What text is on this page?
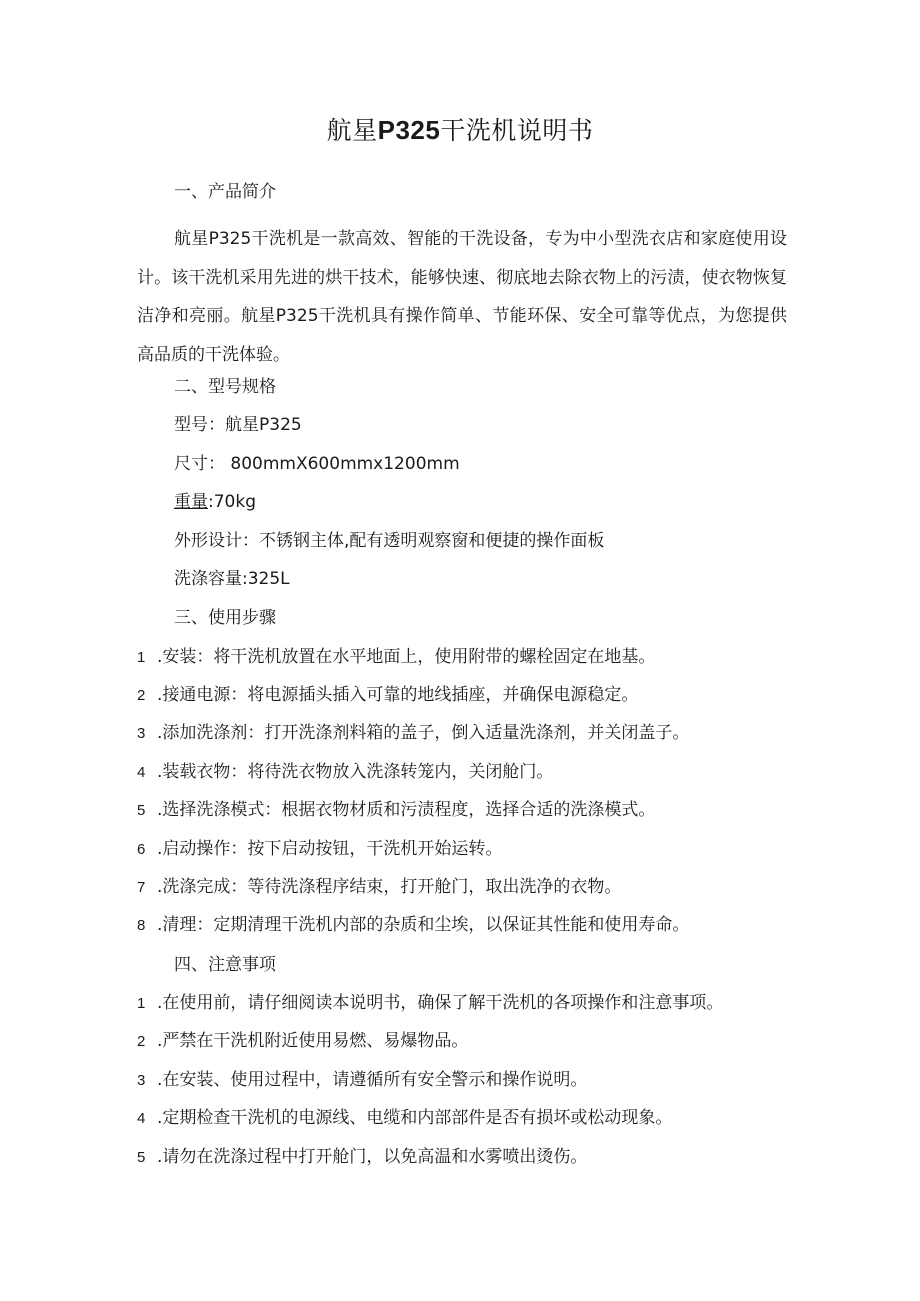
航星P325干洗机说明书
一、产品简介
航星P325干洗机是一款高效、智能的干洗设备，专为中小型洗衣店和家庭使用设计。该干洗机采用先进的烘干技术，能够快速、彻底地去除衣物上的污渍，使衣物恢复洁净和亮丽。航星P325干洗机具有操作简单、节能环保、安全可靠等优点，为您提供高品质的干洗体验。
二、型号规格
型号：航星P325
尺寸： 800mmX600mmx1200mm
重量:70kg
外形设计：不锈钢主体,配有透明观察窗和便捷的操作面板
洗涤容量:325L
三、使用步骤
1 .安装：将干洗机放置在水平地面上，使用附带的螺栓固定在地基。
2 .接通电源：将电源插头插入可靠的地线插座，并确保电源稳定。
3 .添加洗涤剂：打开洗涤剂料箱的盖子，倒入适量洗涤剂，并关闭盖子。
4 .装载衣物：将待洗衣物放入洗涤转笼内，关闭舱门。
5 .选择洗涤模式：根据衣物材质和污渍程度，选择合适的洗涤模式。
6 .启动操作：按下启动按钮，干洗机开始运转。
7 .洗涤完成：等待洗涤程序结束，打开舱门，取出洗净的衣物。
8 .清理：定期清理干洗机内部的杂质和尘埃，以保证其性能和使用寿命。
四、注意事项
1 .在使用前，请仔细阅读本说明书，确保了解干洗机的各项操作和注意事项。
2 .严禁在干洗机附近使用易燃、易爆物品。
3 .在安装、使用过程中，请遵循所有安全警示和操作说明。
4 .定期检查干洗机的电源线、电缆和内部部件是否有损坏或松动现象。
5 .请勿在洗涤过程中打开舱门，以免高温和水雾喷出烫伤。
